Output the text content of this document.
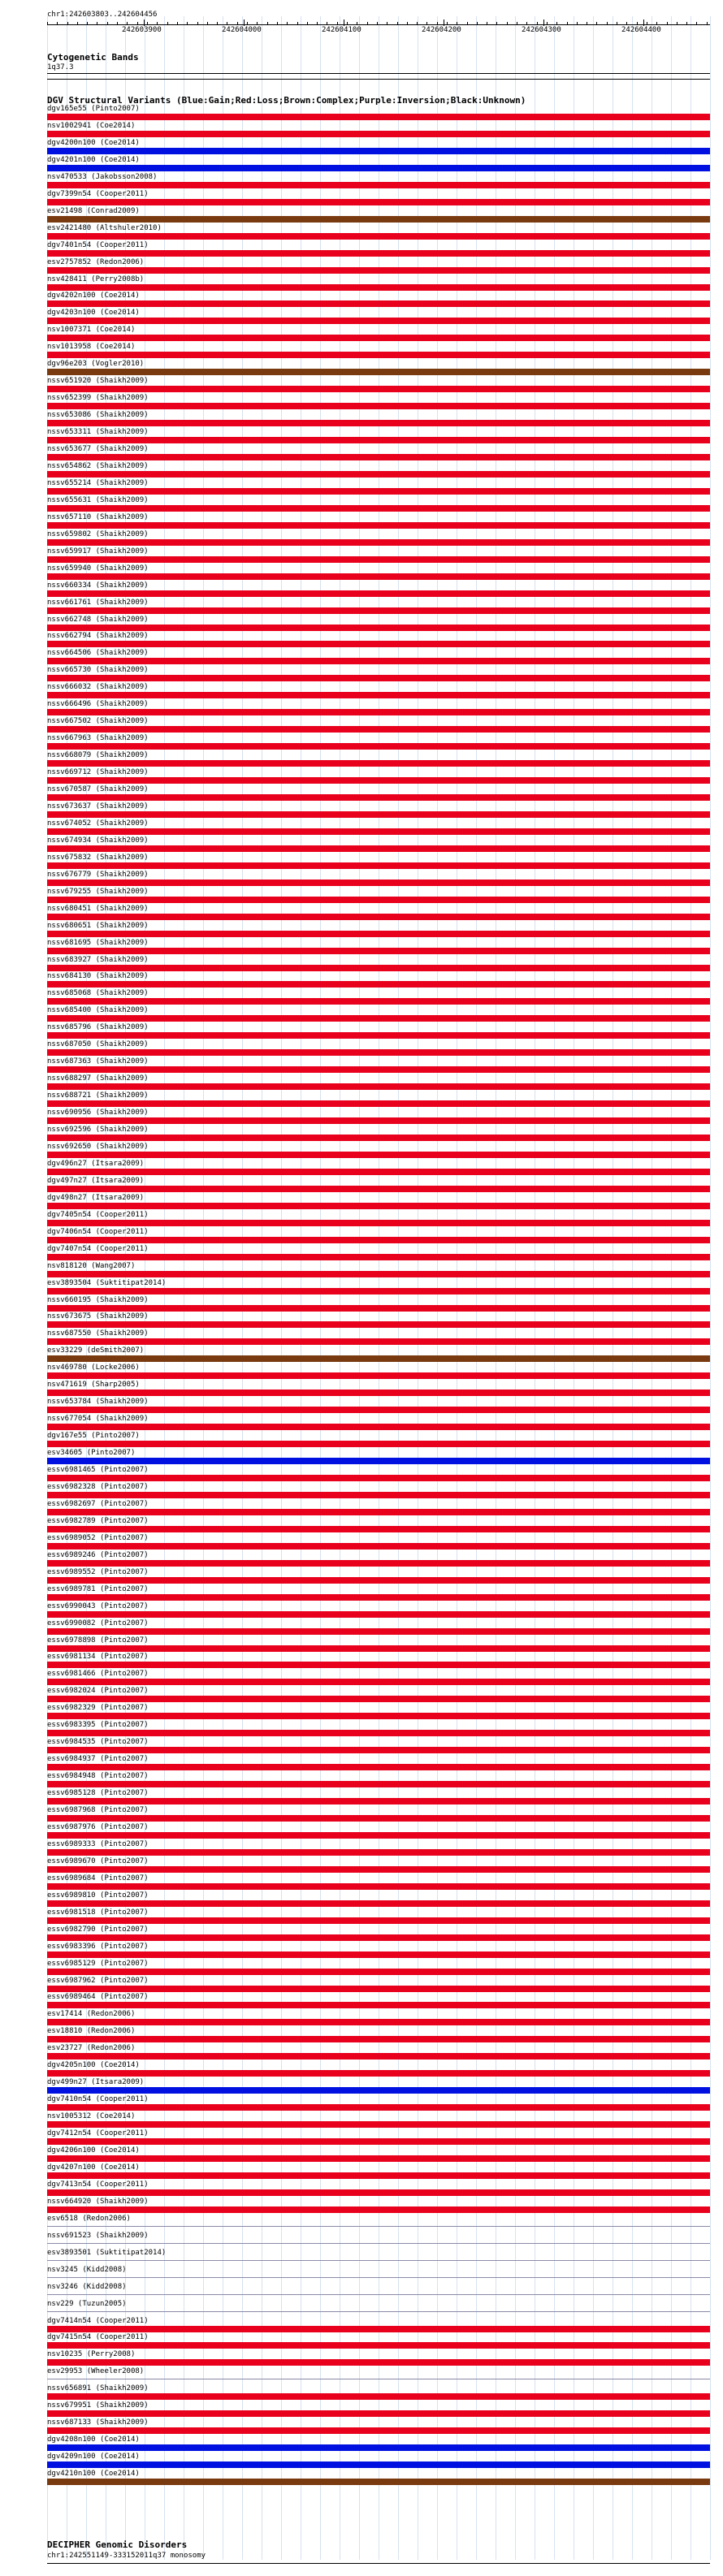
chr1:242603803..242604456
242603900	242604000	242604100	242604200	242604300	242604400
Cytogenetic Bands
1q37.3
DGV Structural Variants (Blue:Gain;Red:Loss;Brown:Complex;Purple:Inversion;Black:Unknown)
dgv165e55 (Pinto2007)
nsv1002941 (Coe2014)
dgv4200n100 (Coe2014)
dgv4201n100 (Coe2014)
nsv470533 (Jakobsson2008)
dgv7399n54 (Cooper2011)
esv21498 (Conrad2009)
esv2421480 (Altshuler2010)
dgv7401n54 (Cooper2011)
esv2757852 (Redon2006)
nsv428411 (Perry2008b)
dgv4202n100 (Coe2014)
dgv4203n100 (Coe2014)
nsv1007371 (Coe2014)
nsv1013958 (Coe2014)
dgv96e203 (Vogler2010)
nssv651920 (Shaikh2009)
nssv652399 (Shaikh2009)
nssv653086 (Shaikh2009)
nssv653311 (Shaikh2009)
nssv653677 (Shaikh2009)
nssv654862 (Shaikh2009)
nssv655214 (Shaikh2009)
nssv655631 (Shaikh2009)
nssv657110 (Shaikh2009)
nssv659802 (Shaikh2009)
nssv659917 (Shaikh2009)
nssv659940 (Shaikh2009)
nssv660334 (Shaikh2009)
nssv661761 (Shaikh2009)
nssv662748 (Shaikh2009)
nssv662794 (Shaikh2009)
nssv664506 (Shaikh2009)
nssv665730 (Shaikh2009)
nssv666032 (Shaikh2009)
nssv666496 (Shaikh2009)
nssv667502 (Shaikh2009)
nssv667963 (Shaikh2009)
nssv668079 (Shaikh2009)
nssv669712 (Shaikh2009)
nssv670587 (Shaikh2009)
nssv673637 (Shaikh2009)
nssv674052 (Shaikh2009)
nssv674934 (Shaikh2009)
nssv675832 (Shaikh2009)
nssv676779 (Shaikh2009)
nssv679255 (Shaikh2009)
nssv680451 (Shaikh2009)
nssv680651 (Shaikh2009)
nssv681695 (Shaikh2009)
nssv683927 (Shaikh2009)
nssv684130 (Shaikh2009)
nssv685068 (Shaikh2009)
nssv685400 (Shaikh2009)
nssv685796 (Shaikh2009)
nssv687050 (Shaikh2009)
nssv687363 (Shaikh2009)
nssv688297 (Shaikh2009)
nssv688721 (Shaikh2009)
nssv690956 (Shaikh2009)
nssv692596 (Shaikh2009)
nssv692650 (Shaikh2009)
dgv496n27 (Itsara2009)
dgv497n27 (Itsara2009)
dgv498n27 (Itsara2009)
dgv7405n54 (Cooper2011)
dgv7406n54 (Cooper2011)
dgv7407n54 (Cooper2011)
nsv818120 (Wang2007)
esv3893504 (Suktitipat2014)
nssv660195 (Shaikh2009)
nssv673675 (Shaikh2009)
nssv687550 (Shaikh2009)
esv33229 (deSmith2007)
nsv469780 (Locke2006)
nsv471619 (Sharp2005)
nssv653784 (Shaikh2009)
nssv677054 (Shaikh2009)
dgv167e55 (Pinto2007)
esv34605 (Pinto2007)
essv6981465 (Pinto2007)
essv6982328 (Pinto2007)
essv6982697 (Pinto2007)
essv6982789 (Pinto2007)
essv6989052 (Pinto2007)
essv6989246 (Pinto2007)
essv6989552 (Pinto2007)
essv6989781 (Pinto2007)
essv6990043 (Pinto2007)
essv6990082 (Pinto2007)
essv6978898 (Pinto2007)
essv6981134 (Pinto2007)
essv6981466 (Pinto2007)
essv6982024 (Pinto2007)
essv6982329 (Pinto2007)
essv6983395 (Pinto2007)
essv6984535 (Pinto2007)
essv6984937 (Pinto2007)
essv6984948 (Pinto2007)
essv6985128 (Pinto2007)
essv6987968 (Pinto2007)
essv6987976 (Pinto2007)
essv6989333 (Pinto2007)
essv6989670 (Pinto2007)
essv6989684 (Pinto2007)
essv6989810 (Pinto2007)
essv6981518 (Pinto2007)
essv6982790 (Pinto2007)
essv6983396 (Pinto2007)
essv6985129 (Pinto2007)
essv6987962 (Pinto2007)
essv6989464 (Pinto2007)
esv17414 (Redon2006)
esv18810 (Redon2006)
esv23727 (Redon2006)
dgv4205n100 (Coe2014)
dgv499n27 (Itsara2009)
dgv7410n54 (Cooper2011)
nsv1005312 (Coe2014)
dgv7412n54 (Cooper2011)
dgv4206n100 (Coe2014)
dgv4207n100 (Coe2014)
dgv7413n54 (Cooper2011)
nssv664920 (Shaikh2009)
esv6518 (Redon2006)
nssv691523 (Shaikh2009)
esv3893501 (Suktitipat2014)
nsv3245 (Kidd2008)
nsv3246 (Kidd2008)
nsv229 (Tuzun2005)
dgv7414n54 (Cooper2011)
dgv7415n54 (Cooper2011)
nsv10235 (Perry2008)
esv29953 (Wheeler2008)
nssv656891 (Shaikh2009)
nssv679951 (Shaikh2009)
nssv687133 (Shaikh2009)
dgv4208n100 (Coe2014)
dgv4209n100 (Coe2014)
dgv4210n100 (Coe2014)
DECIPHER Genomic Disorders
chr1:242551149-333152011q37 monosomy
